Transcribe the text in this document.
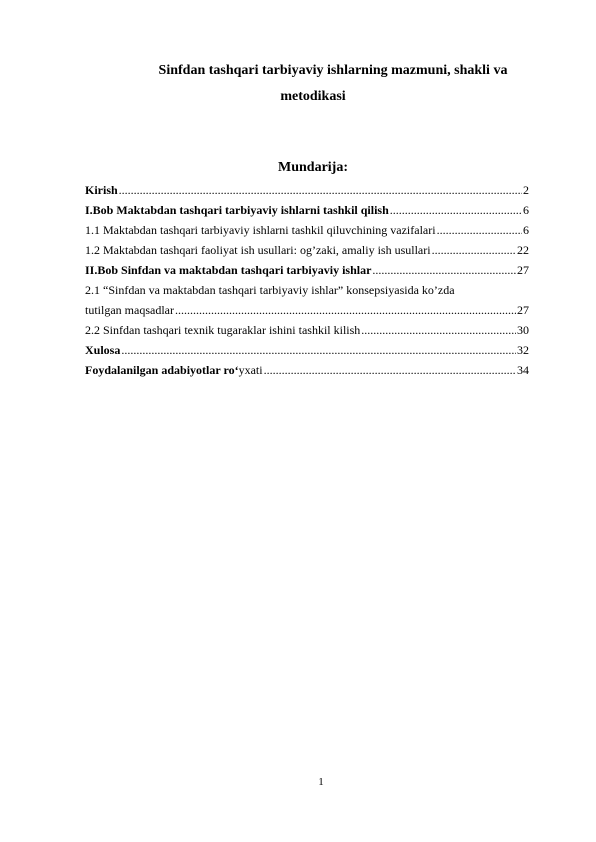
Sinfdan tashqari tarbiyaviy ishlarning mazmuni, shakli va
metodikasi
Mundarija:
Kirish .....	2
I.Bob Maktabdan tashqari tarbiyaviy ishlarni tashkil qilish .....	6
1.1 Maktabdan tashqari tarbiyaviy ishlarni tashkil qiluvchining vazifalari .....	6
1.2 Maktabdan tashqari faoliyat ish usullari: og’zaki, amaliy ish usullari .....	22
II.Bob Sinfdan va maktabdan tashqari tarbiyaviy ishlar .....	27
2.1 “Sinfdan va maktabdan tashqari tarbiyaviy ishlar” konsepsiyasida ko’zda
tutilgan maqsadlar .....	27
2.2 Sinfdan tashqari texnik tugaraklar ishini tashkil kilish .....	30
Xulosa .....	32
Foydalanilgan adabiyotlar ro‘yxati .....	34
1
